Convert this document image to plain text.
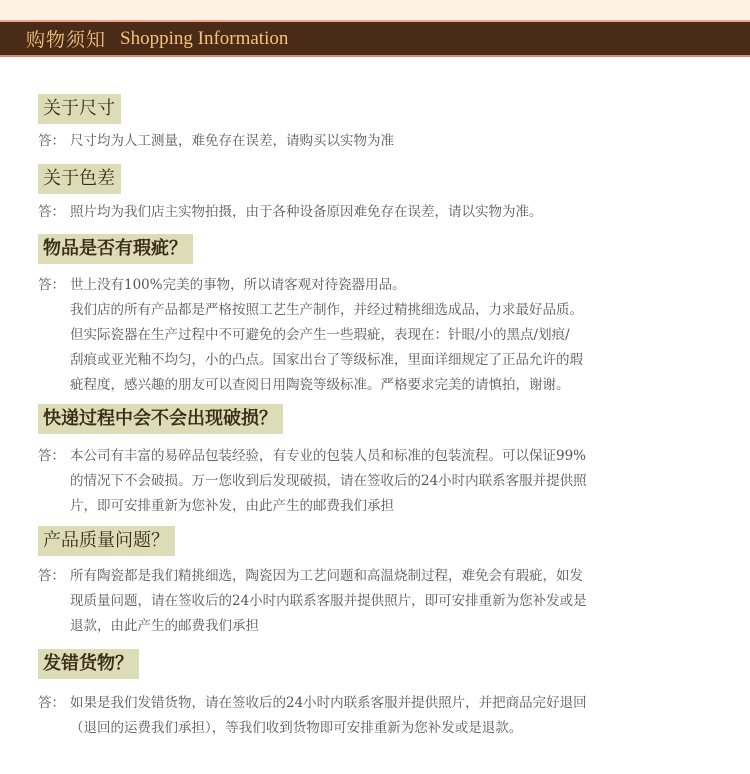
购物须知 Shopping Information
关于尺寸
答： 尺寸均为人工测量，难免存在误差，请购买以实物为准

关于色差
答： 照片均为我们店主实物拍摄，由于各种设备原因难免存在误差，请以实物为准。

物品是否有瑕疵？
答： 世上没有100%完美的事物，所以请客观对待瓷器用品。

我们店的所有产品都是严格按照工艺生产制作，并经过精挑细选成品，力求最好品质。

但实际瓷器在生产过程中不可避免的会产生一些瑕疵，表现在：针眼/小的黑点/划痕/

刮痕或亚光釉不均匀，小的凸点。国家出台了等级标准，里面详细规定了正品允许的瑕

疵程度，感兴趣的朋友可以查阅日用陶瓷等级标准。严格要求完美的请慎拍，谢谢。

快递过程中会不会出现破损？
答： 本公司有丰富的易碎品包装经验，有专业的包装人员和标准的包装流程。可以保证99%

的情况下不会破损。万一您收到后发现破损，请在签收后的24小时内联系客服并提供照

片，即可安排重新为您补发，由此产生的邮费我们承担

产品质量问题？
答： 所有陶瓷都是我们精挑细选，陶瓷因为工艺问题和高温烧制过程，难免会有瑕疵，如发

现质量问题，请在签收后的24小时内联系客服并提供照片，即可安排重新为您补发或是

退款，由此产生的邮费我们承担

发错货物？
答： 如果是我们发错货物，请在签收后的24小时内联系客服并提供照片，并把商品完好退回

（退回的运费我们承担），等我们收到货物即可安排重新为您补发或是退款。
